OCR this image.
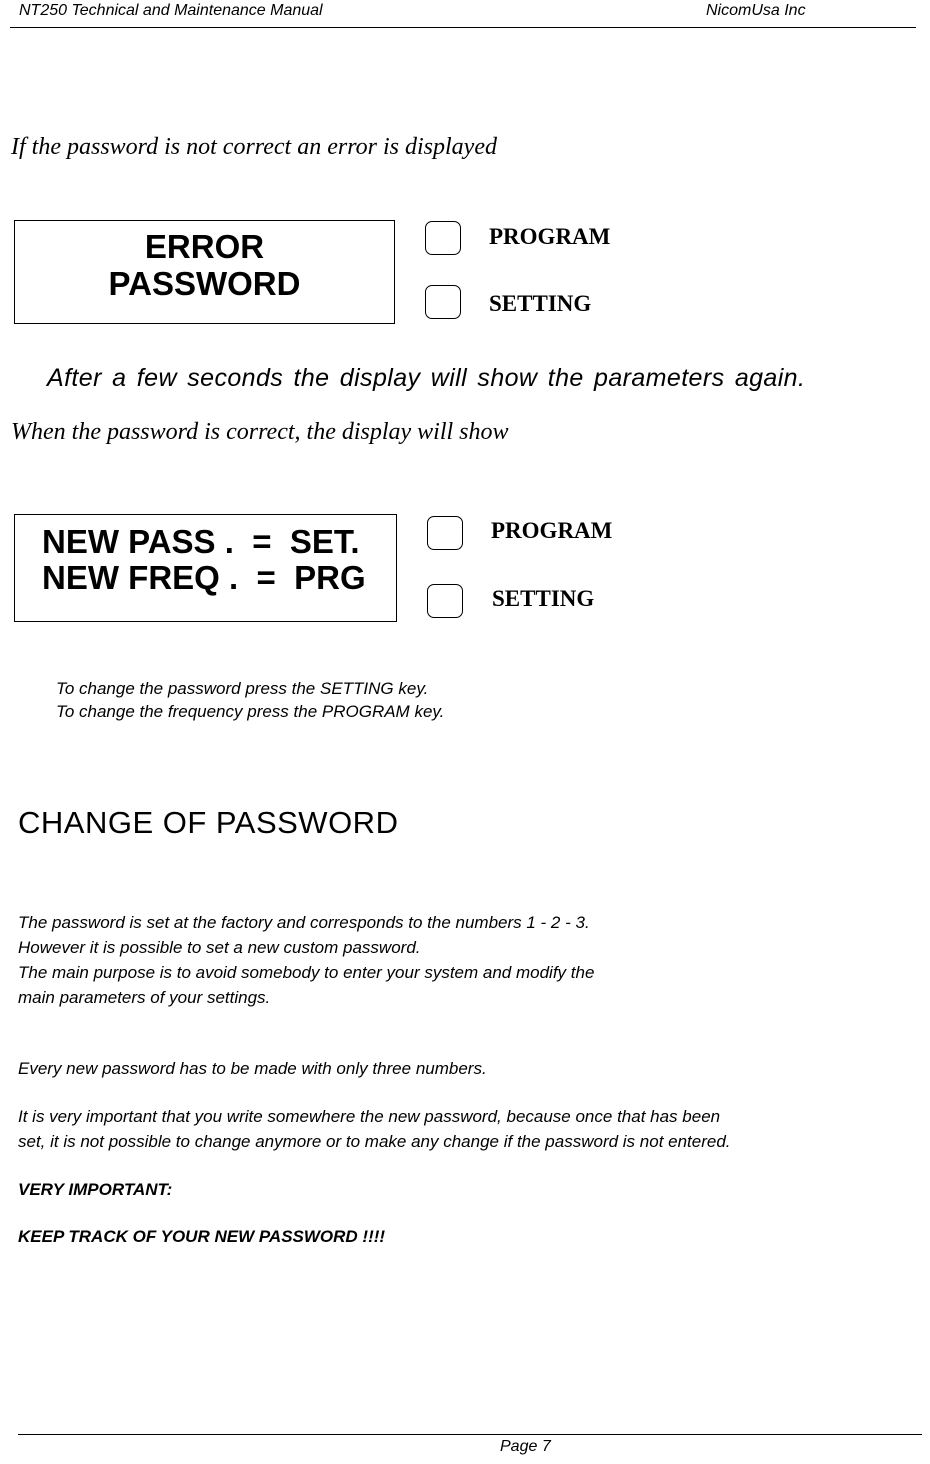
NT250 Technical and Maintenance Manual	NicomUsa Inc
If the password is not correct an error is displayed
ERROR
PASSWORD
PROGRAM
SETTING
After a few seconds the display will show the parameters again.
When the password is correct, the display will show
NEW PASS .  =  SET.
NEW FREQ .  =  PRG
PROGRAM
SETTING
To change the password press the SETTING key.
To change the frequency press the PROGRAM key.
CHANGE OF PASSWORD
The password is set at the factory and corresponds to the numbers 1 - 2 - 3.
However it is possible to set a new custom password.
The main purpose is to avoid somebody to enter your system and modify the
main parameters of your settings.
Every new password has to be made with only three numbers.
It is very important that you write somewhere the new password, because once that has been
set, it is not possible to change anymore or to make any change if the password is not entered.
VERY IMPORTANT:
KEEP TRACK OF YOUR NEW PASSWORD !!!!
Page 7
